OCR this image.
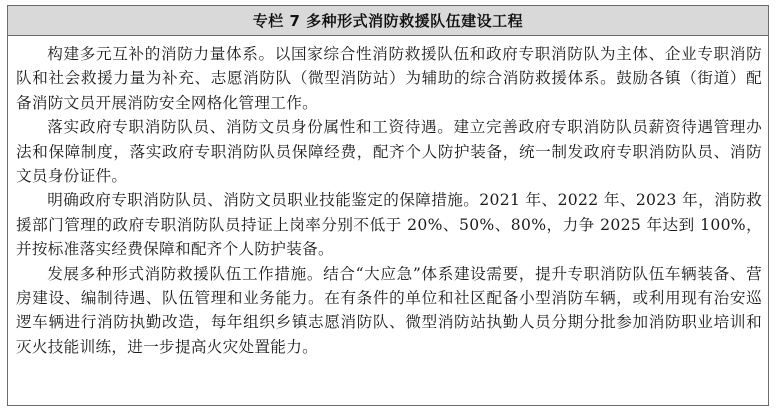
专栏 7 多种形式消防救援队伍建设工程

构建多元互补的消防力量体系。以国家综合性消防救援队伍和政府专职消防队为主体、企业专职消防队和社会救援力量为补充、志愿消防队（微型消防站）为辅助的综合消防救援体系。鼓励各镇（街道）配备消防文员开展消防安全网格化管理工作。

落实政府专职消防队员、消防文员身份属性和工资待遇。建立完善政府专职消防队员薪资待遇管理办法和保障制度，落实政府专职消防队员保障经费，配齐个人防护装备，统一制发政府专职消防队员、消防文员身份证件。

明确政府专职消防队员、消防文员职业技能鉴定的保障措施。2021 年、2022 年、2023 年，消防救援部门管理的政府专职消防队员持证上岗率分别不低于 20%、50%、80%，力争 2025 年达到 100%，并按标准落实经费保障和配齐个人防护装备。

发展多种形式消防救援队伍工作措施。结合“大应急”体系建设需要，提升专职消防队伍车辆装备、营房建设、编制待遇、队伍管理和业务能力。在有条件的单位和社区配备小型消防车辆，或利用现有治安巡逻车辆进行消防执勤改造，每年组织乡镇志愿消防队、微型消防站执勤人员分期分批参加消防职业培训和灭火技能训练，进一步提高火灾处置能力。
